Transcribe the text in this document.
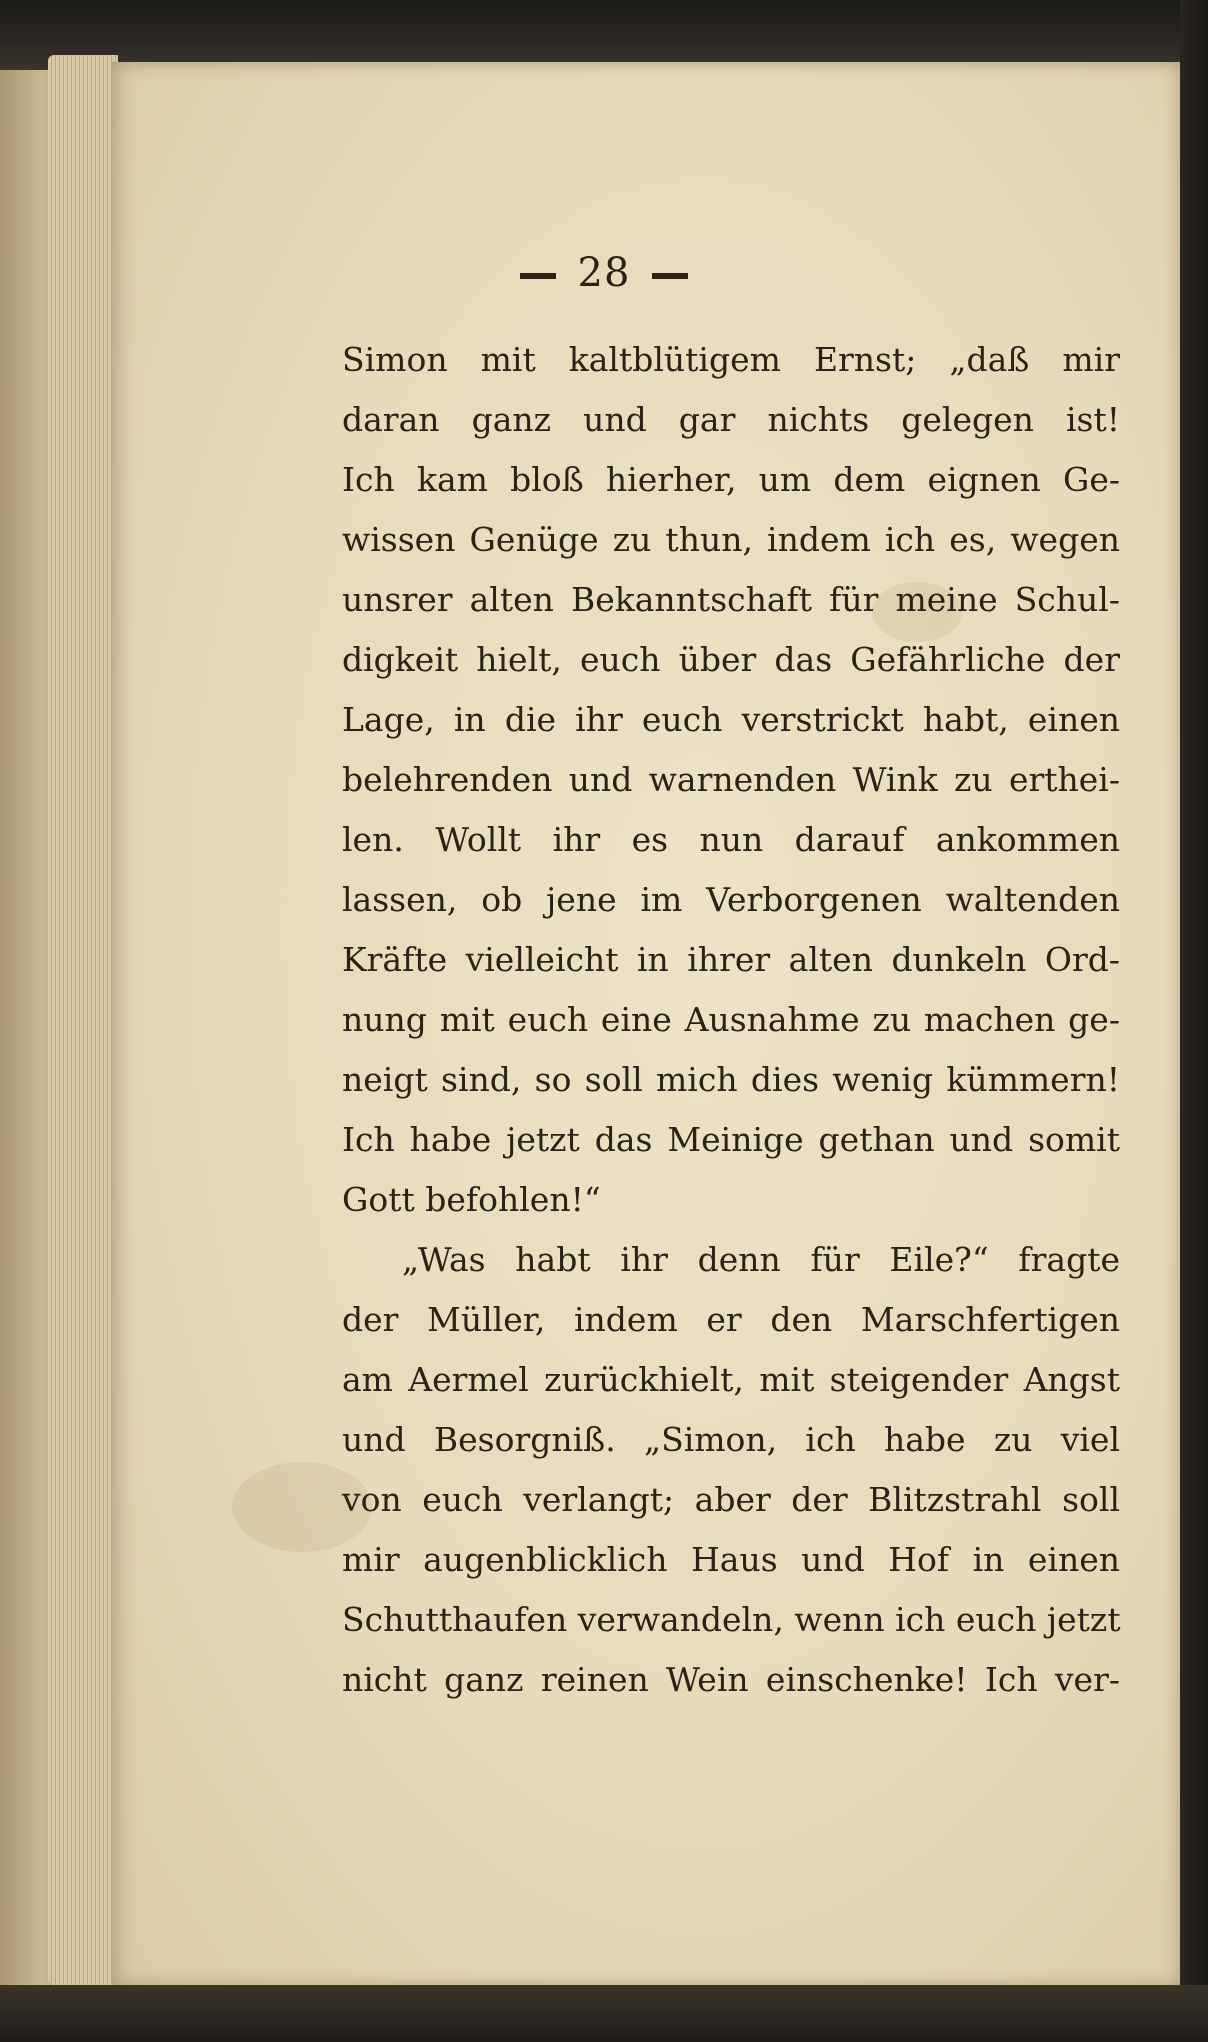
28
Simon mit kaltblütigem Ernst; „daß mir
daran ganz und gar nichts gelegen ist!
Ich kam bloß hierher, um dem eignen Ge-
wissen Genüge zu thun, indem ich es, wegen
unsrer alten Bekanntschaft für meine Schul-
digkeit hielt, euch über das Gefährliche der
Lage, in die ihr euch verstrickt habt, einen
belehrenden und warnenden Wink zu erthei-
len. Wollt ihr es nun darauf ankommen
lassen, ob jene im Verborgenen waltenden
Kräfte vielleicht in ihrer alten dunkeln Ord-
nung mit euch eine Ausnahme zu machen ge-
neigt sind, so soll mich dies wenig kümmern!
Ich habe jetzt das Meinige gethan und somit
Gott befohlen!“
„Was habt ihr denn für Eile?“ fragte
der Müller, indem er den Marschfertigen
am Aermel zurückhielt, mit steigender Angst
und Besorgniß. „Simon, ich habe zu viel
von euch verlangt; aber der Blitzstrahl soll
mir augenblicklich Haus und Hof in einen
Schutthaufen verwandeln, wenn ich euch jetzt
nicht ganz reinen Wein einschenke! Ich ver-
